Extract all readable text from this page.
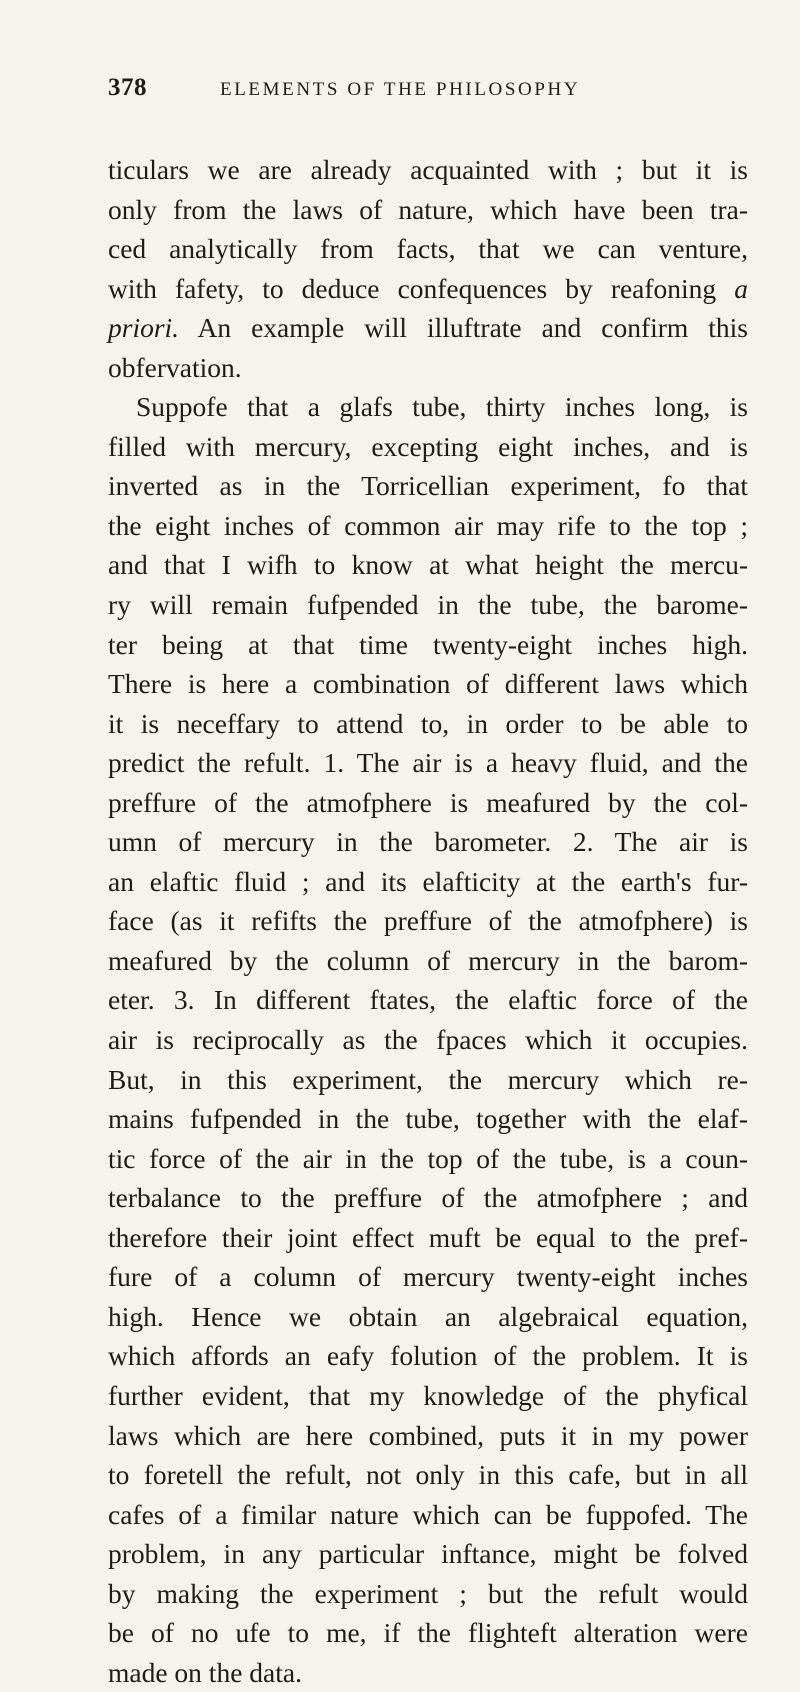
378	ELEMENTS OF THE PHILOSOPHY
ticulars we are already acquainted with ; but it is
only from the laws of nature, which have been tra-
ced analytically from facts, that we can venture,
with fafety, to deduce confequences by reafoning a
priori. An example will illuftrate and confirm this
obfervation.
Suppofe that a glafs tube, thirty inches long, is
filled with mercury, excepting eight inches, and is
inverted as in the Torricellian experiment, fo that
the eight inches of common air may rife to the top ;
and that I wifh to know at what height the mercu-
ry will remain fufpended in the tube, the barome-
ter being at that time twenty-eight inches high.
There is here a combination of different laws which
it is neceffary to attend to, in order to be able to
predict the refult. 1. The air is a heavy fluid, and the
preffure of the atmofphere is meafured by the col-
umn of mercury in the barometer. 2. The air is
an elaftic fluid ; and its elafticity at the earth's fur-
face (as it refifts the preffure of the atmofphere) is
meafured by the column of mercury in the barom-
eter. 3. In different ftates, the elaftic force of the
air is reciprocally as the fpaces which it occupies.
But, in this experiment, the mercury which re-
mains fufpended in the tube, together with the elaf-
tic force of the air in the top of the tube, is a coun-
terbalance to the preffure of the atmofphere ; and
therefore their joint effect muft be equal to the pref-
fure of a column of mercury twenty-eight inches
high. Hence we obtain an algebraical equation,
which affords an eafy folution of the problem. It is
further evident, that my knowledge of the phyfical
laws which are here combined, puts it in my power
to foretell the refult, not only in this cafe, but in all
cafes of a fimilar nature which can be fuppofed. The
problem, in any particular inftance, might be folved
by making the experiment ; but the refult would
be of no ufe to me, if the flighteft alteration were
made on the data.
